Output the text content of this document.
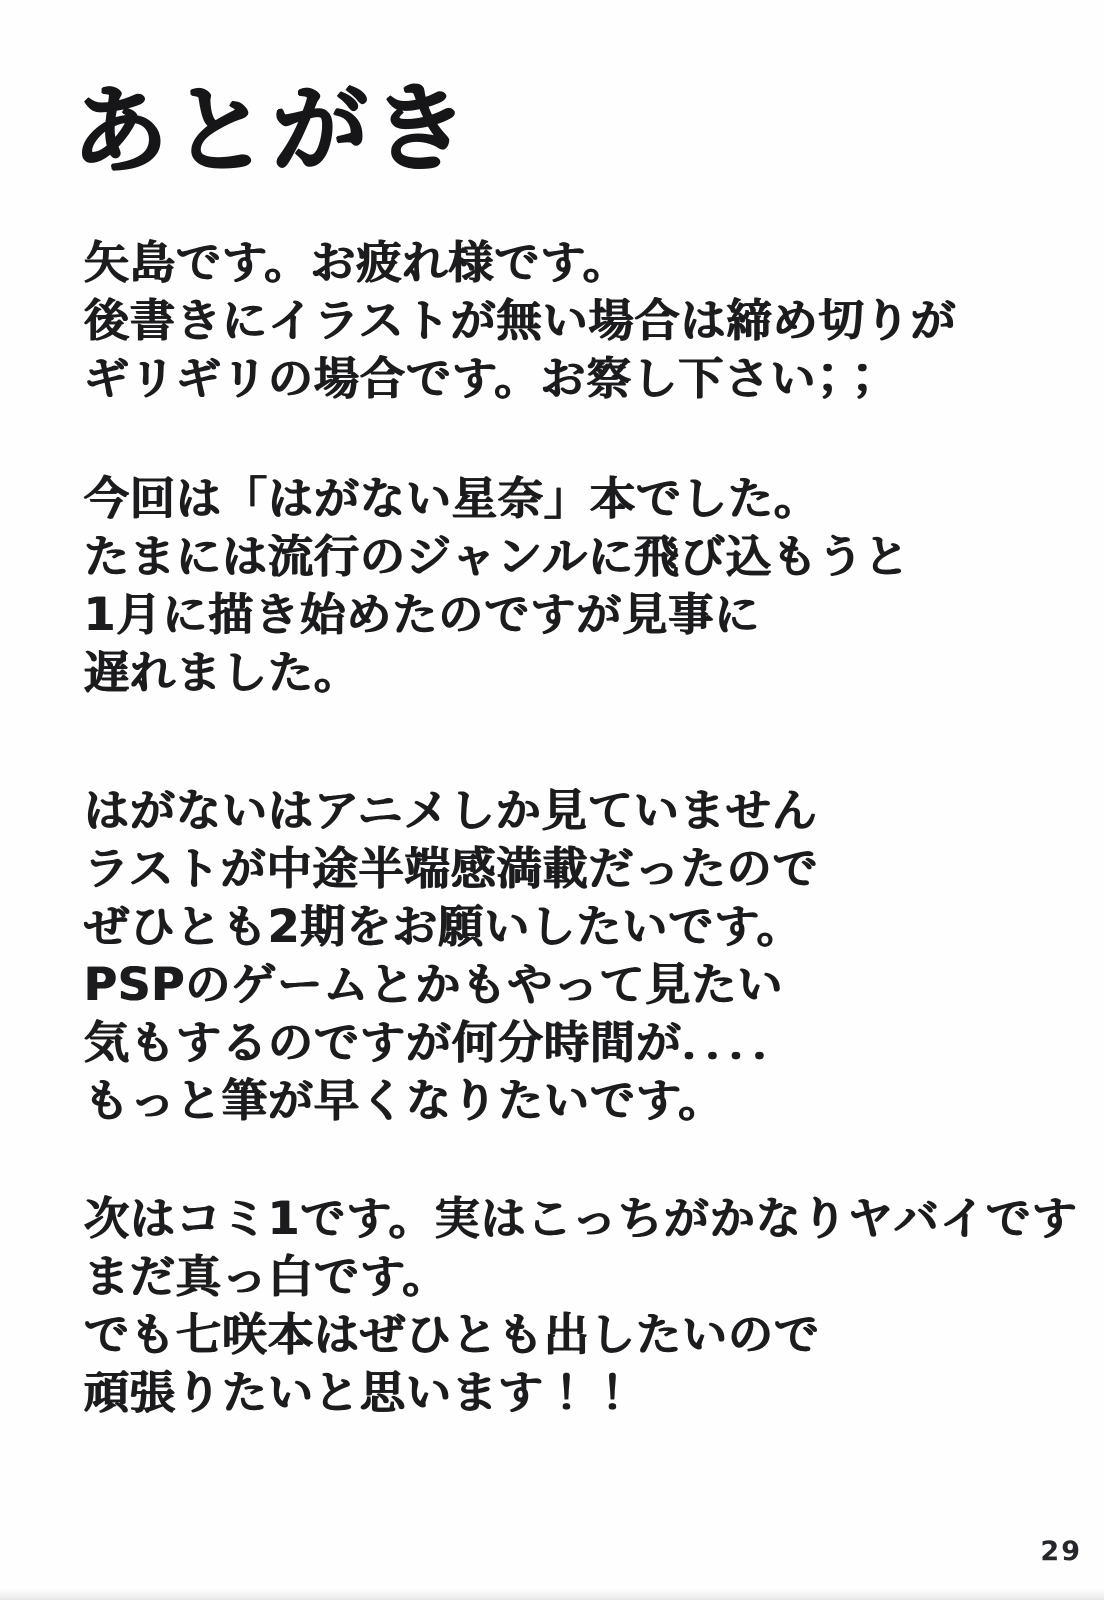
あとがき
矢島です。お疲れ様です。
後書きにイラストが無い場合は締め切りが
ギリギリの場合です。お察し下さい；；
今回は「はがない星奈」本でした。
たまには流行のジャンルに飛び込もうと
1月に描き始めたのですが見事に
遅れました。
はがないはアニメしか見ていません
ラストが中途半端感満載だったので
ぜひとも2期をお願いしたいです。
PSPのゲームとかもやって見たい
気もするのですが何分時間が．．．．
もっと筆が早くなりたいです。
次はコミ1です。実はこっちがかなりヤバイです
まだ真っ白です。
でも七咲本はぜひとも出したいので
頑張りたいと思います！！
29
